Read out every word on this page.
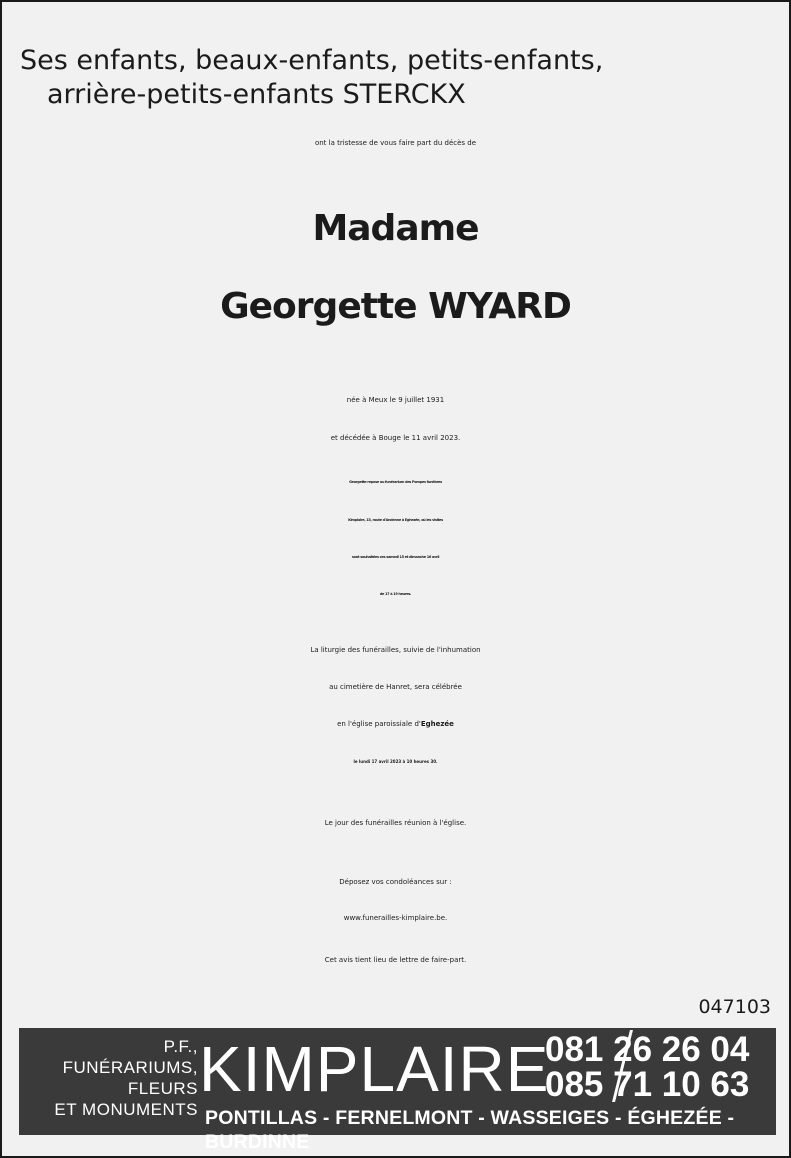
Ses enfants, beaux-enfants, petits-enfants,
arrière-petits-enfants STERCKX
ont la tristesse de vous faire part du décès de
Madame
Georgette WYARD
née à Meux le 9 juillet 1931
et décédée à Bouge le 11 avril 2023.
Georgette repose au funérarium des Pompes funèbres
Kimplaire, 15, route d'Andenne à Eghezée, où les visites
sont souhaitées ces samedi 15 et dimanche 16 avril
de 17 à 19 heures.
La liturgie des funérailles, suivie de l'inhumation
au cimetière de Hanret, sera célébrée
en l'église paroissiale d'Eghezée
le lundi 17 avril 2023 à 10 heures 30.
Le jour des funérailles réunion à l'église.
Déposez vos condoléances sur :
www.funerailles-kimplaire.be.
Cet avis tient lieu de lettre de faire-part.
047103
P.F.,
FUNÉRARIUMS,
FLEURS
ET MONUMENTS
KIMPLAIRE
081 26 26 04
085 71 10 63
PONTILLAS - FERNELMONT - WASSEIGES - ÉGHEZÉE - BURDINNE
